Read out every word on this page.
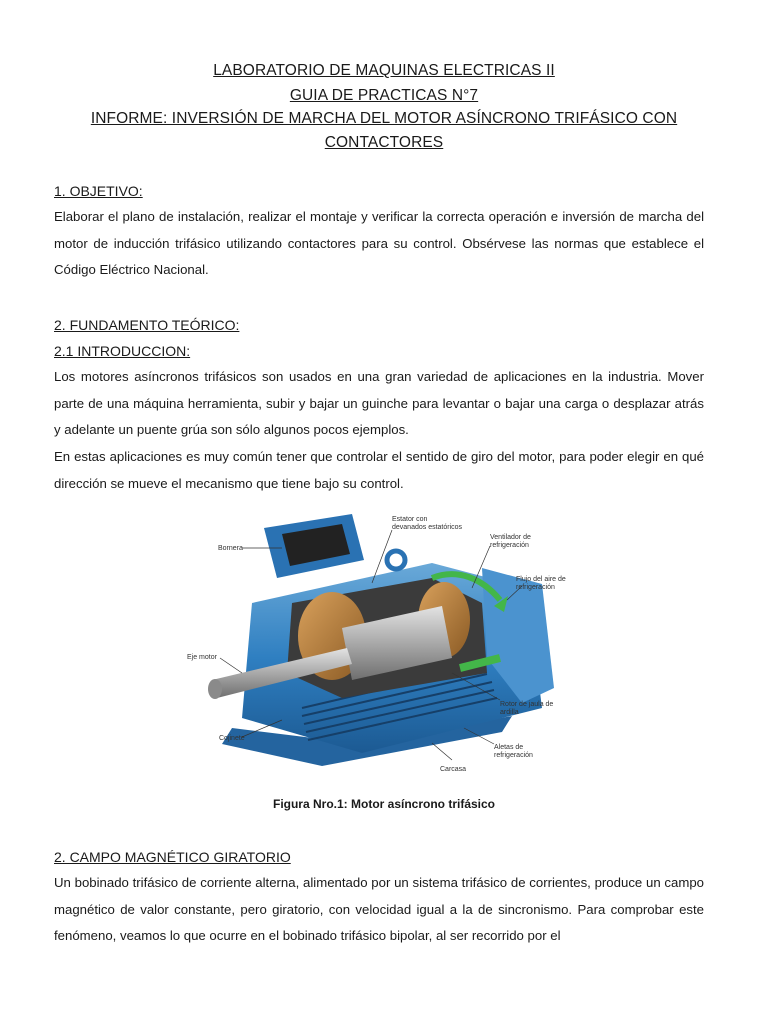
LABORATORIO DE MAQUINAS ELECTRICAS II
GUIA DE PRACTICAS N°7
INFORME: INVERSIÓN DE MARCHA DEL MOTOR ASÍNCRONO TRIFÁSICO CON
CONTACTORES
1. OBJETIVO:

Elaborar el plano de instalación, realizar el montaje y verificar la correcta operación e inversión de marcha del motor de inducción trifásico utilizando contactores para su control. Obsérvese las normas que establece el Código Eléctrico Nacional.

2. FUNDAMENTO TEÓRICO:
2.1 INTRODUCCION:

Los motores asíncronos trifásicos son usados en una gran variedad de aplicaciones en la industria. Mover parte de una máquina herramienta, subir y bajar un guinche para levantar o bajar una carga o desplazar atrás y adelante un puente grúa son sólo algunos pocos ejemplos.

En estas aplicaciones es muy común tener que controlar el sentido de giro del motor, para poder elegir en qué dirección se mueve el mecanismo que tiene bajo su control.

Estator con
devanados estatóricos
Ventilador de
refrigeración
Bornera
Flujo del aire de
refrigeración
Eje motor
Rotor de jaula de
ardilla
Cojinete
Aletas de
refrigeración
Carcasa
Figura Nro.1: Motor asíncrono trifásico
2. CAMPO MAGNÉTICO GIRATORIO

Un bobinado trifásico de corriente alterna, alimentado por un sistema trifásico de corrientes, produce un campo magnético de valor constante, pero giratorio, con velocidad igual a la de sincronismo. Para comprobar este fenómeno, veamos lo que ocurre en el bobinado trifásico bipolar, al ser recorrido por el
